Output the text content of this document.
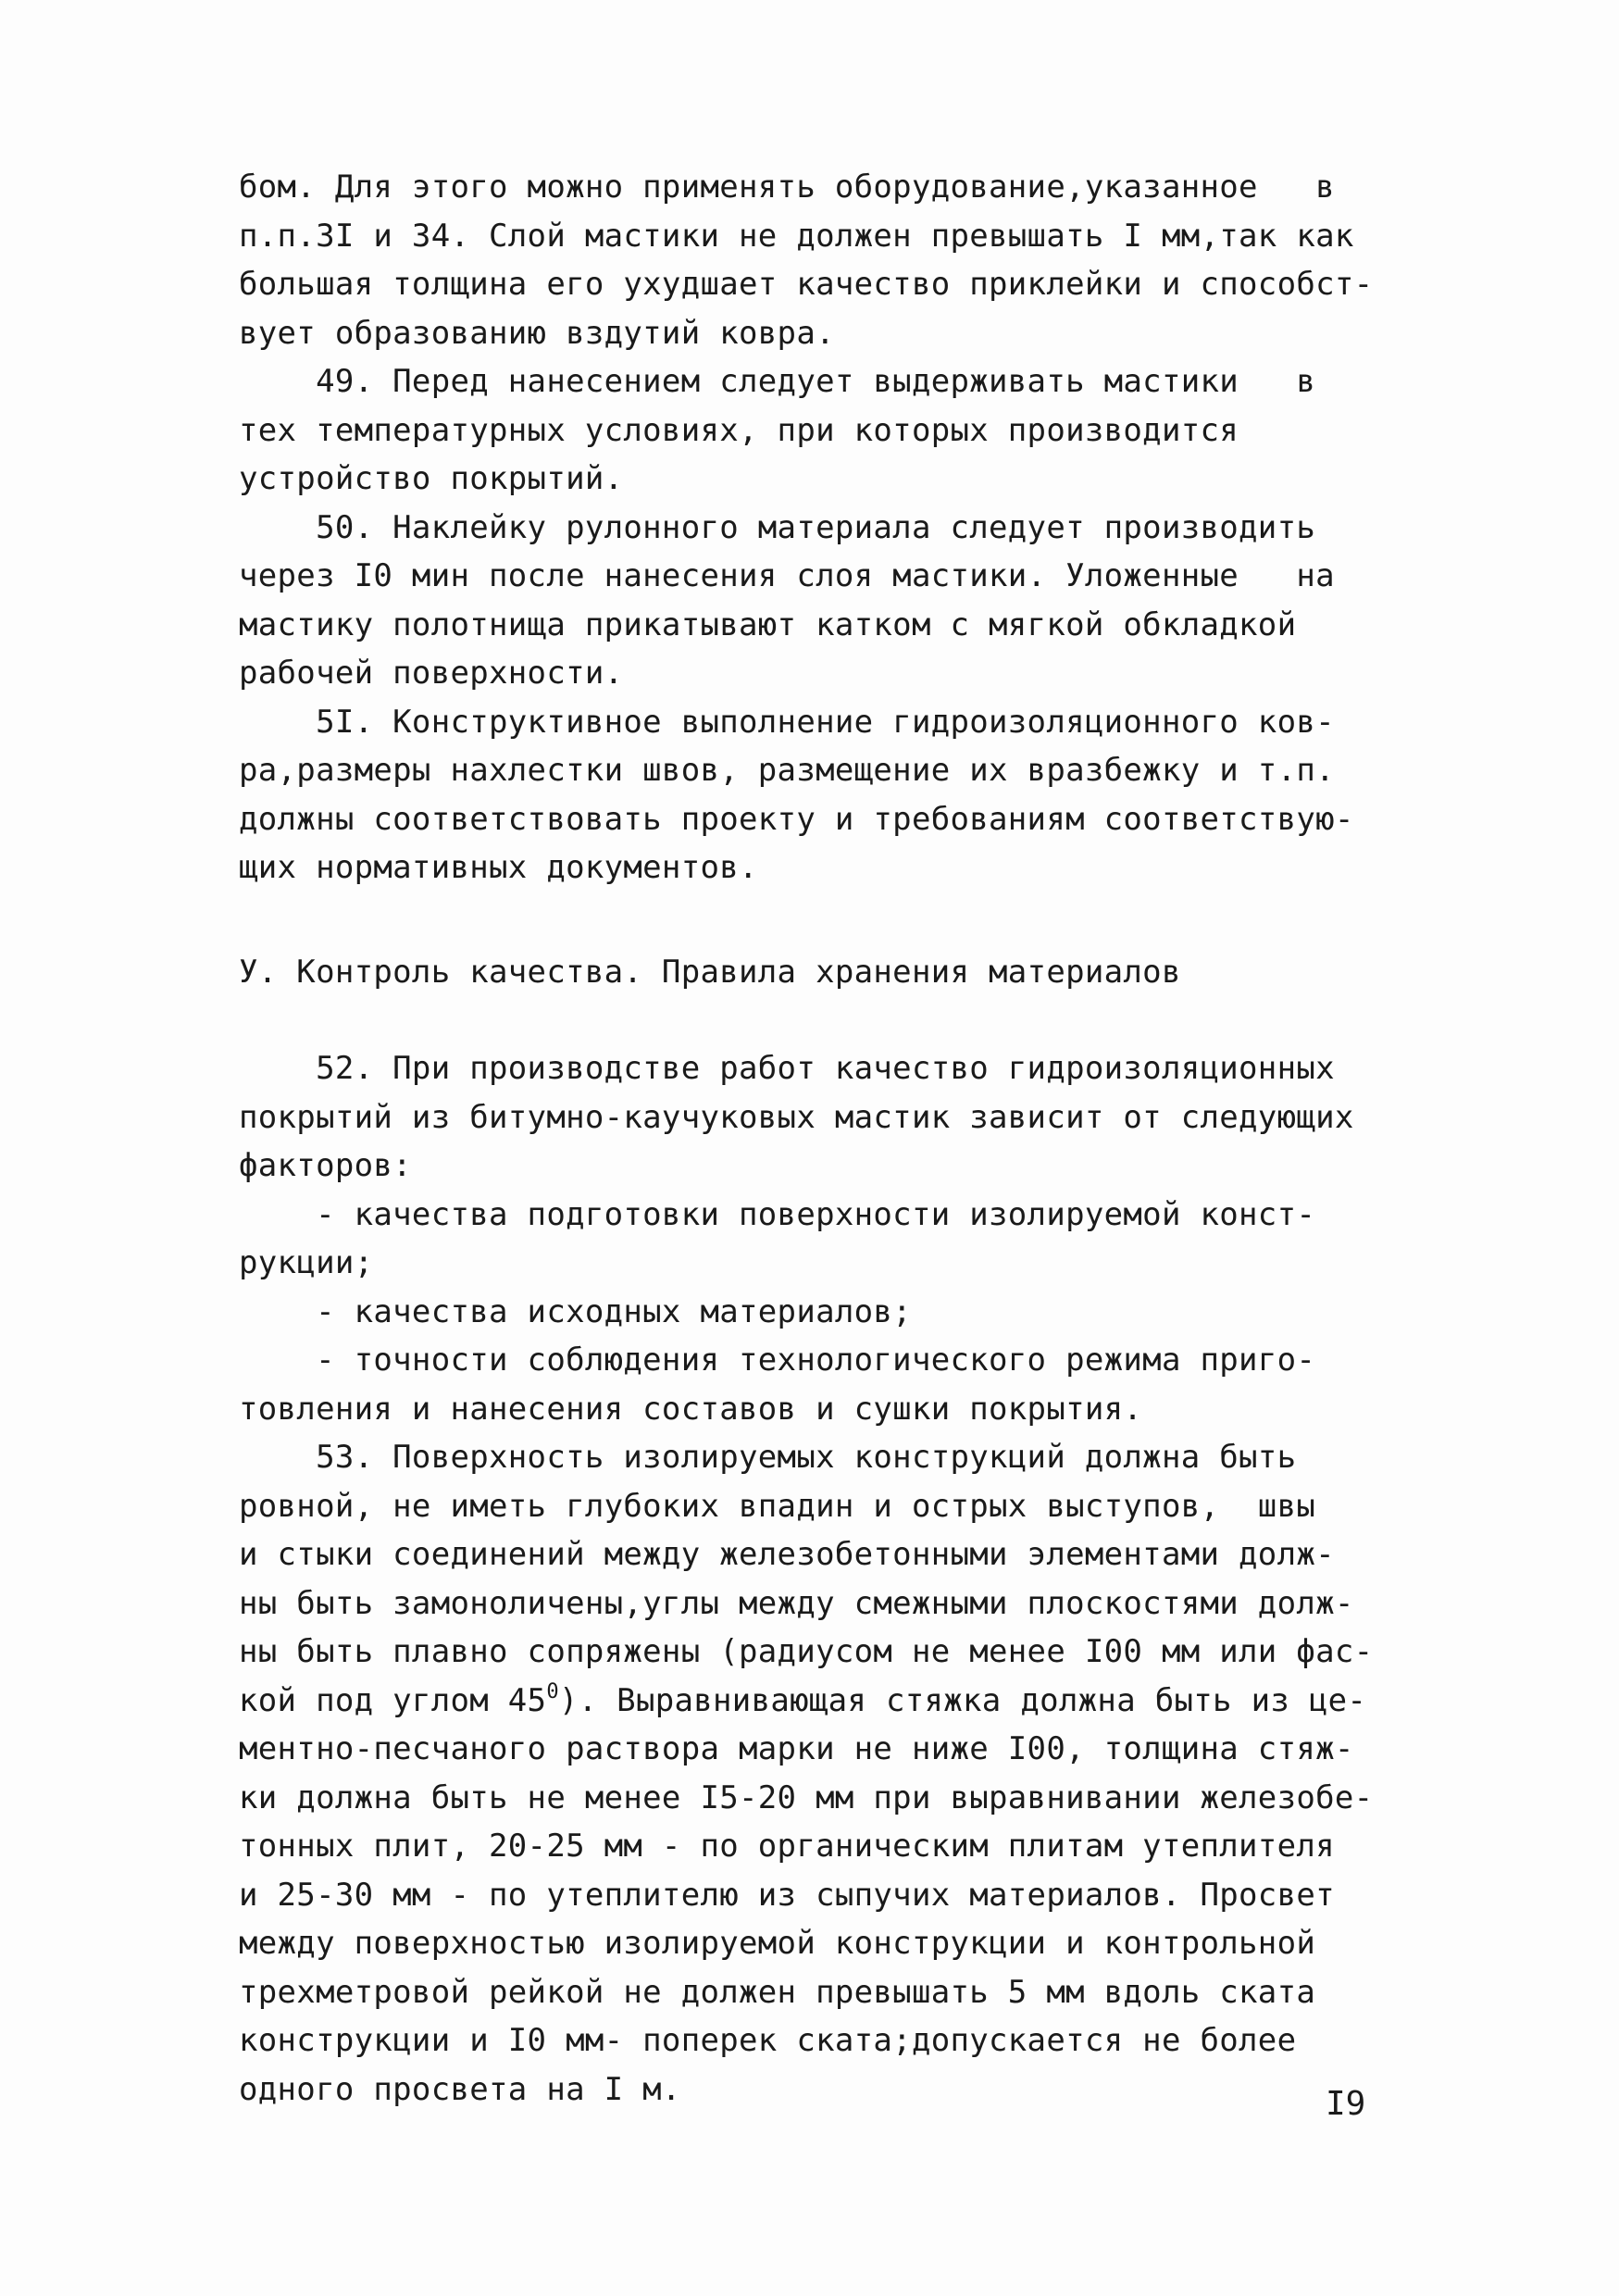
бом. Для этого можно применять оборудование,указанное   в
п.п.3I и 34. Слой мастики не должен превышать I мм,так как
большая толщина его ухудшает качество приклейки и способст-
вует образованию вздутий ковра.
49. Перед нанесением следует выдерживать мастики   в
тех температурных условиях, при которых производится
устройство покрытий.
50. Наклейку рулонного материала следует производить
через I0 мин после нанесения слоя мастики. Уложенные   на
мастику полотнища прикатывают катком с мягкой обкладкой
рабочей поверхности.
5I. Конструктивное выполнение гидроизоляционного ков-
ра,размеры нахлестки швов, размещение их вразбежку и т.п.
должны соответствовать проекту и требованиям соответствую-
щих нормативных документов.
У. Контроль качества. Правила хранения материалов
52. При производстве работ качество гидроизоляционных
покрытий из битумно-каучуковых мастик зависит от следующих
факторов:
- качества подготовки поверхности изолируемой конст-
рукции;
- качества исходных материалов;
- точности соблюдения технологического режима приго-
товления и нанесения составов и сушки покрытия.
53. Поверхность изолируемых конструкций должна быть
ровной, не иметь глубоких впадин и острых выступов,  швы
и стыки соединений между железобетонными элементами долж-
ны быть замоноличены,углы между смежными плоскостями долж-
ны быть плавно сопряжены (радиусом не менее I00 мм или фас-
кой под углом $45^0$). Выравнивающая стяжка должна быть из це-
ментно-песчаного раствора марки не ниже I00, толщина стяж-
ки должна быть не менее I5-20 мм при выравнивании железобе-
тонных плит, 20-25 мм - по органическим плитам утеплителя
и 25-30 мм - по утеплителю из сыпучих материалов. Просвет
между поверхностью изолируемой конструкции и контрольной
трехметровой рейкой не должен превышать 5 мм вдоль ската
конструкции и I0 мм- поперек ската;допускается не более
одного просвета на I м.	I9
